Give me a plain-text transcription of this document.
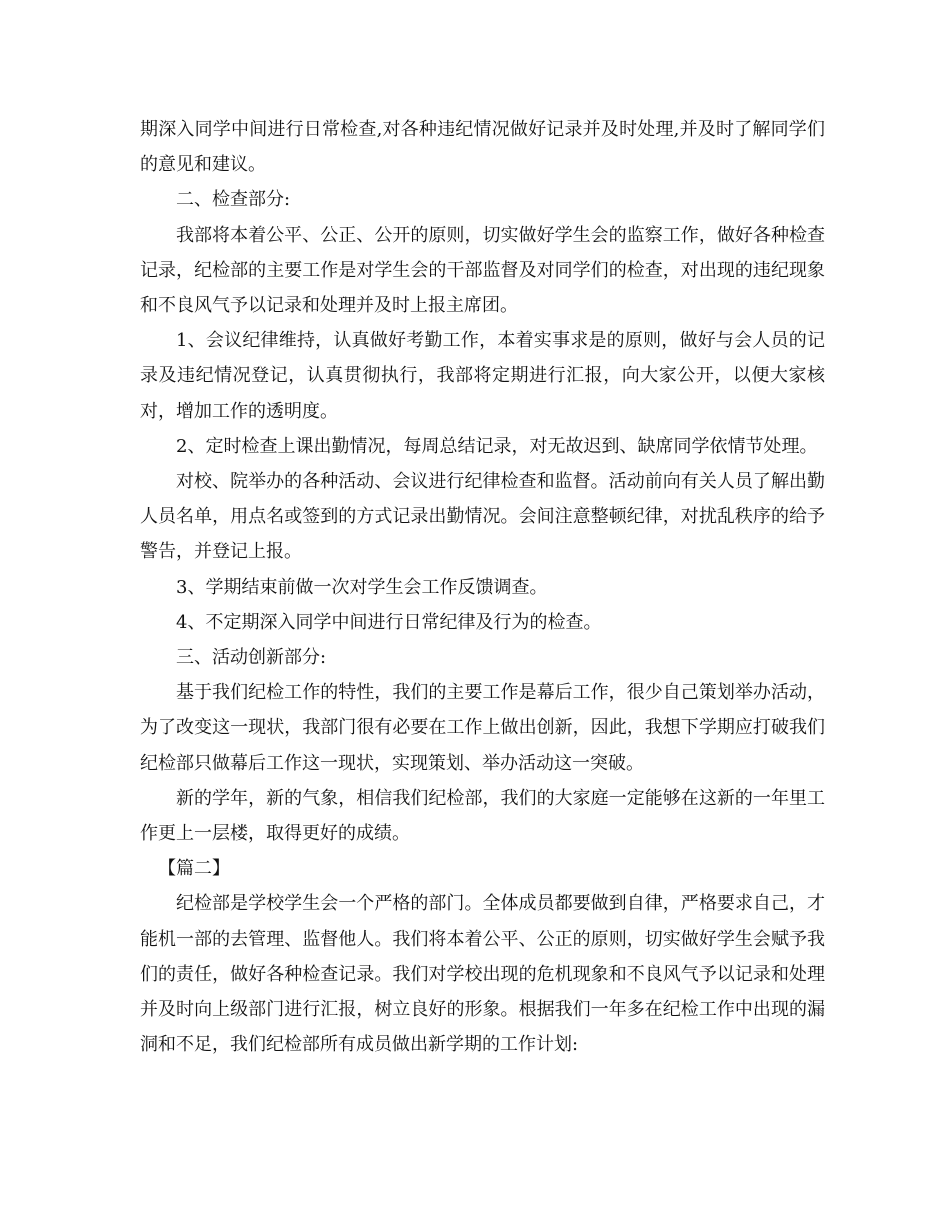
期深入同学中间进行日常检查,对各种违纪情况做好记录并及时处理,并及时了解同学们的意见和建议。

二、检查部分:

我部将本着公平、公正、公开的原则，切实做好学生会的监察工作，做好各种检查记录，纪检部的主要工作是对学生会的干部监督及对同学们的检查，对出现的违纪现象和不良风气予以记录和处理并及时上报主席团。

1、会议纪律维持，认真做好考勤工作，本着实事求是的原则，做好与会人员的记录及违纪情况登记，认真贯彻执行，我部将定期进行汇报，向大家公开，以便大家核对，增加工作的透明度。

2、定时检查上课出勤情况，每周总结记录，对无故迟到、缺席同学依情节处理。

对校、院举办的各种活动、会议进行纪律检查和监督。活动前向有关人员了解出勤人员名单，用点名或签到的方式记录出勤情况。会间注意整顿纪律，对扰乱秩序的给予警告，并登记上报。

3、学期结束前做一次对学生会工作反馈调查。

4、不定期深入同学中间进行日常纪律及行为的检查。

三、活动创新部分:

基于我们纪检工作的特性，我们的主要工作是幕后工作，很少自己策划举办活动，为了改变这一现状，我部门很有必要在工作上做出创新，因此，我想下学期应打破我们纪检部只做幕后工作这一现状，实现策划、举办活动这一突破。

新的学年，新的气象，相信我们纪检部，我们的大家庭一定能够在这新的一年里工作更上一层楼，取得更好的成绩。

【篇二】

纪检部是学校学生会一个严格的部门。全体成员都要做到自律，严格要求自己，才能机一部的去管理、监督他人。我们将本着公平、公正的原则，切实做好学生会赋予我们的责任，做好各种检查记录。我们对学校出现的危机现象和不良风气予以记录和处理并及时向上级部门进行汇报，树立良好的形象。根据我们一年多在纪检工作中出现的漏洞和不足，我们纪检部所有成员做出新学期的工作计划:
